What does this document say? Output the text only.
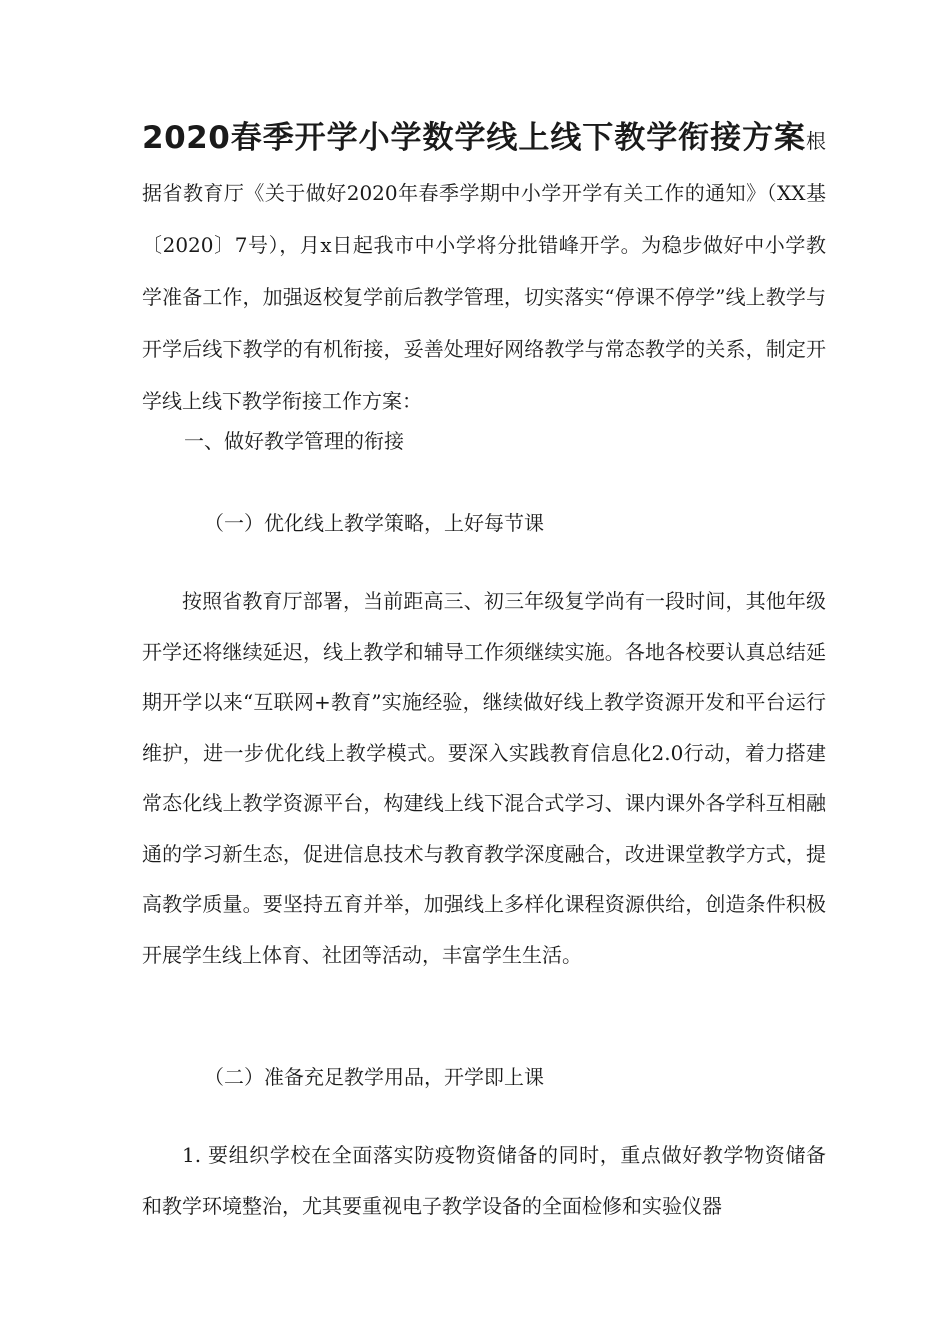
2020春季开学小学数学线上线下教学衔接方案根据省教育厅《关于做好2020年春季学期中小学开学有关工作的通知》（XX基〔2020〕7号），月x日起我市中小学将分批错峰开学。为稳步做好中小学教学准备工作，加强返校复学前后教学管理，切实落实“停课不停学”线上教学与开学后线下教学的有机衔接，妥善处理好网络教学与常态教学的关系，制定开学线上线下教学衔接工作方案：
一、做好教学管理的衔接
（一）优化线上教学策略，上好每节课
按照省教育厅部署，当前距高三、初三年级复学尚有一段时间，其他年级开学还将继续延迟，线上教学和辅导工作须继续实施。各地各校要认真总结延期开学以来“互联网+教育”实施经验，继续做好线上教学资源开发和平台运行维护，进一步优化线上教学模式。要深入实践教育信息化2.0行动，着力搭建常态化线上教学资源平台，构建线上线下混合式学习、课内课外各学科互相融通的学习新生态，促进信息技术与教育教学深度融合，改进课堂教学方式，提高教学质量。要坚持五育并举，加强线上多样化课程资源供给，创造条件积极开展学生线上体育、社团等活动，丰富学生生活。
（二）准备充足教学用品，开学即上课
1. 要组织学校在全面落实防疫物资储备的同时，重点做好教学物资储备和教学环境整治，尤其要重视电子教学设备的全面检修和实验仪器
